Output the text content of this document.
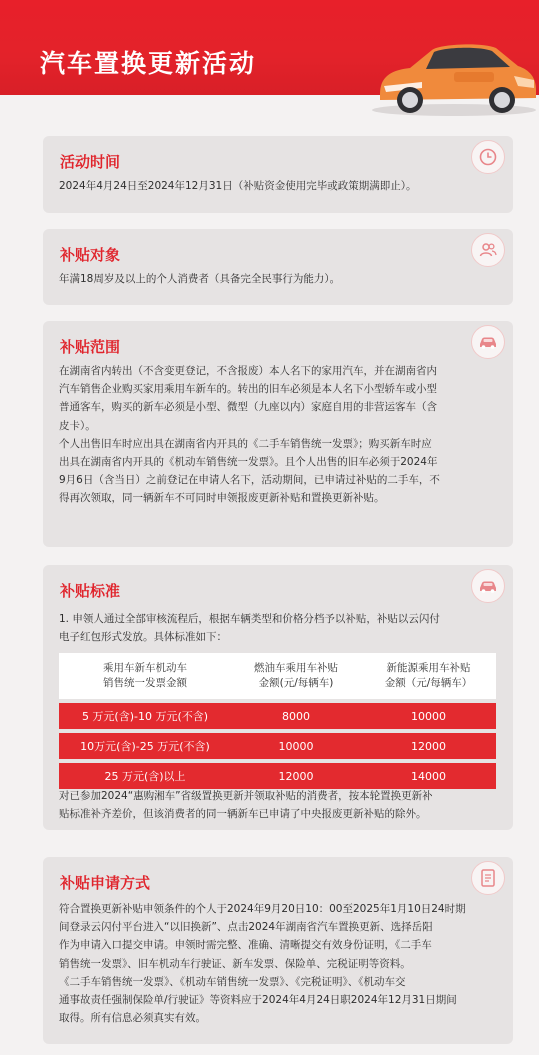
汽车置换更新活动
活动时间
2024年4月24日至2024年12月31日（补贴资金使用完毕或政策期满即止）。
补贴对象
年满18周岁及以上的个人消费者（具备完全民事行为能力）。
补贴范围
在湖南省内转出（不含变更登记，不含报废）本人名下的家用汽车，并在湖南省内
汽车销售企业购买家用乘用车新车的。转出的旧车必须是本人名下小型轿车或小型
普通客车，购买的新车必须是小型、微型（九座以内）家庭自用的非营运客车（含
皮卡）。
个人出售旧车时应出具在湖南省内开具的《二手车销售统一发票》；购买新车时应
出具在湖南省内开具的《机动车销售统一发票》。且个人出售的旧车必须于2024年
9月6日（含当日）之前登记在申请人名下，活动期间，已申请过补贴的二手车，不
得再次领取，同一辆新车不可同时申领报废更新补贴和置换更新补贴。
补贴标准
1. 申领人通过全部审核流程后，根据车辆类型和价格分档予以补贴，补贴以云闪付
电子红包形式发放。具体标准如下：
乘用车新车机动车
销售统一发票金额
燃油车乘用车补贴
金额(元/每辆车)
新能源乘用车补贴
金额（元/每辆车）
5 万元(含)-10 万元(不含)	8000	10000
10万元(含)-25 万元(不含)	10000	12000
25 万元(含)以上	12000	14000
对已参加2024“惠购湘车”省级置换更新并领取补贴的消费者，按本轮置换更新补
贴标准补齐差价，但该消费者的同一辆新车已申请了中央报废更新补贴的除外。
补贴申请方式
符合置换更新补贴申领条件的个人于2024年9月20日10：00至2025年1月10日24时期
间登录云闪付平台进入“以旧换新”、点击2024年湖南省汽车置换更新、选择岳阳
作为申请入口提交申请。申领时需完整、准确、清晰提交有效身份证明，《二手车
销售统一发票》、旧车机动车行驶证、新车发票、保险单、完税证明等资料。
《二手车销售统一发票》、《机动车销售统一发票》、《完税证明》、《机动车交
通事故责任强制保险单/行驶证》等资料应于2024年4月24日职2024年12月31日期间
取得。所有信息必须真实有效。
